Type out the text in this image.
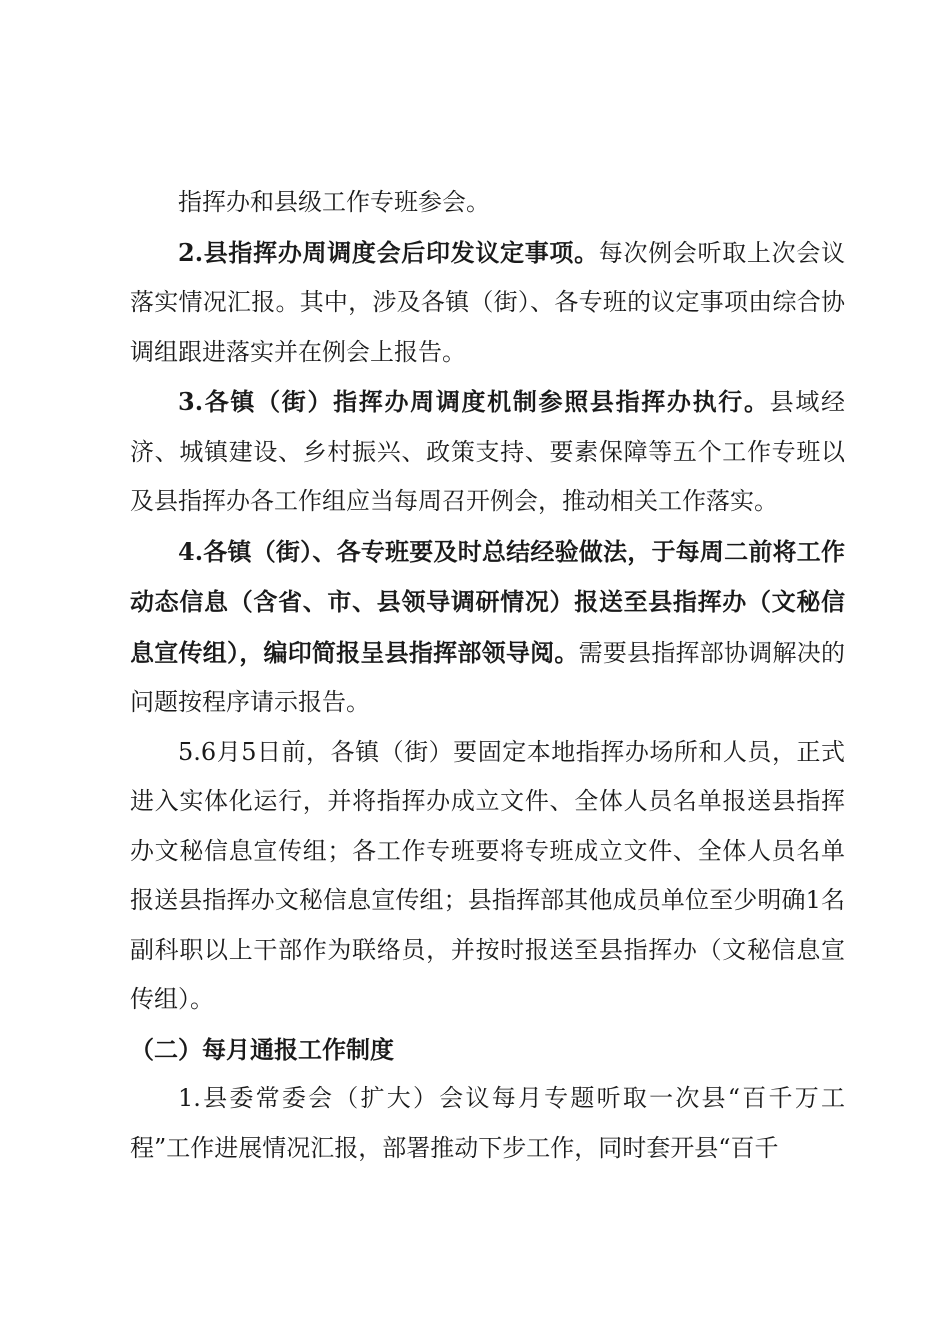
指挥办和县级工作专班参会。

2.县指挥办周调度会后印发议定事项。每次例会听取上次会议落实情况汇报。其中，涉及各镇（街）、各专班的议定事项由综合协调组跟进落实并在例会上报告。

3.各镇（街）指挥办周调度机制参照县指挥办执行。县域经济、城镇建设、乡村振兴、政策支持、要素保障等五个工作专班以及县指挥办各工作组应当每周召开例会，推动相关工作落实。

4.各镇（街）、各专班要及时总结经验做法，于每周二前将工作动态信息（含省、市、县领导调研情况）报送至县指挥办（文秘信息宣传组），编印简报呈县指挥部领导阅。需要县指挥部协调解决的问题按程序请示报告。

5.6月5日前，各镇（街）要固定本地指挥办场所和人员，正式进入实体化运行，并将指挥办成立文件、全体人员名单报送县指挥办文秘信息宣传组；各工作专班要将专班成立文件、全体人员名单报送县指挥办文秘信息宣传组；县指挥部其他成员单位至少明确1名副科职以上干部作为联络员，并按时报送至县指挥办（文秘信息宣传组）。

（二）每月通报工作制度

1.县委常委会（扩大）会议每月专题听取一次县“百千万工程”工作进展情况汇报，部署推动下步工作，同时套开县“百千
